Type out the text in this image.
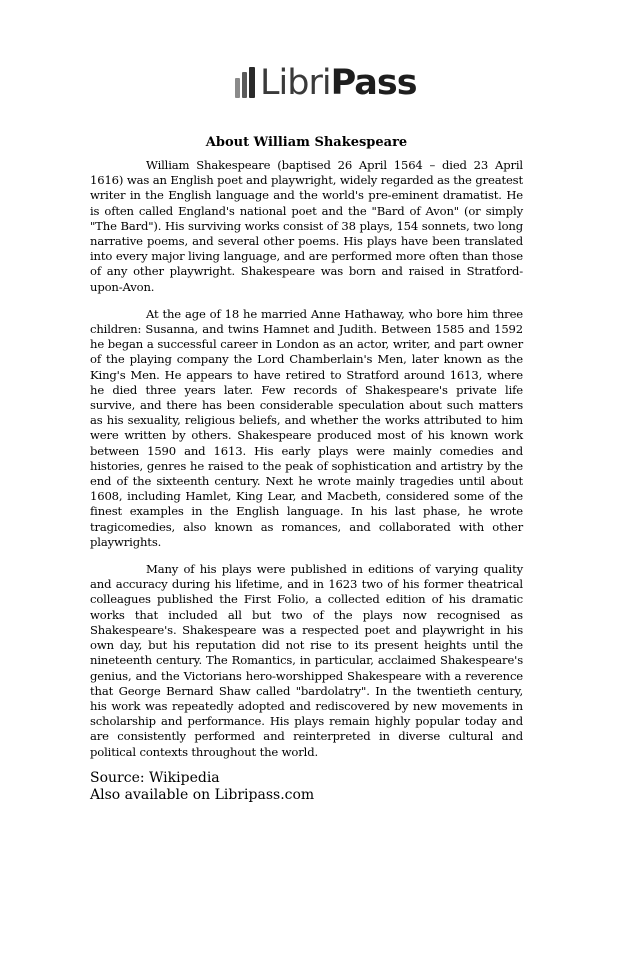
LibriPass
About William Shakespeare

William Shakespeare (baptised 26 April 1564 – died 23 April 1616) was an English poet and playwright, widely regarded as the greatest writer in the English language and the world's pre-eminent dramatist. He is often called England's national poet and the "Bard of Avon" (or simply "The Bard"). His surviving works consist of 38 plays, 154 sonnets, two long narrative poems, and several other poems. His plays have been translated into every major living language, and are performed more often than those of any other playwright. Shakespeare was born and raised in Stratford-upon-Avon.

At the age of 18 he married Anne Hathaway, who bore him three children: Susanna, and twins Hamnet and Judith. Between 1585 and 1592 he began a successful career in London as an actor, writer, and part owner of the playing company the Lord Chamberlain's Men, later known as the King's Men. He appears to have retired to Stratford around 1613, where he died three years later. Few records of Shakespeare's private life survive, and there has been considerable speculation about such matters as his sexuality, religious beliefs, and whether the works attributed to him were written by others. Shakespeare produced most of his known work between 1590 and 1613. His early plays were mainly comedies and histories, genres he raised to the peak of sophistication and artistry by the end of the sixteenth century. Next he wrote mainly tragedies until about 1608, including Hamlet, King Lear, and Macbeth, considered some of the finest examples in the English language. In his last phase, he wrote tragicomedies, also known as romances, and collaborated with other playwrights.

Many of his plays were published in editions of varying quality and accuracy during his lifetime, and in 1623 two of his former theatrical colleagues published the First Folio, a collected edition of his dramatic works that included all but two of the plays now recognised as Shakespeare's. Shakespeare was a respected poet and playwright in his own day, but his reputation did not rise to its present heights until the nineteenth century. The Romantics, in particular, acclaimed Shakespeare's genius, and the Victorians hero-worshipped Shakespeare with a reverence that George Bernard Shaw called "bardolatry". In the twentieth century, his work was repeatedly adopted and rediscovered by new movements in scholarship and performance. His plays remain highly popular today and are consistently performed and reinterpreted in diverse cultural and political contexts throughout the world.

Source: Wikipedia
Also available on Libripass.com
